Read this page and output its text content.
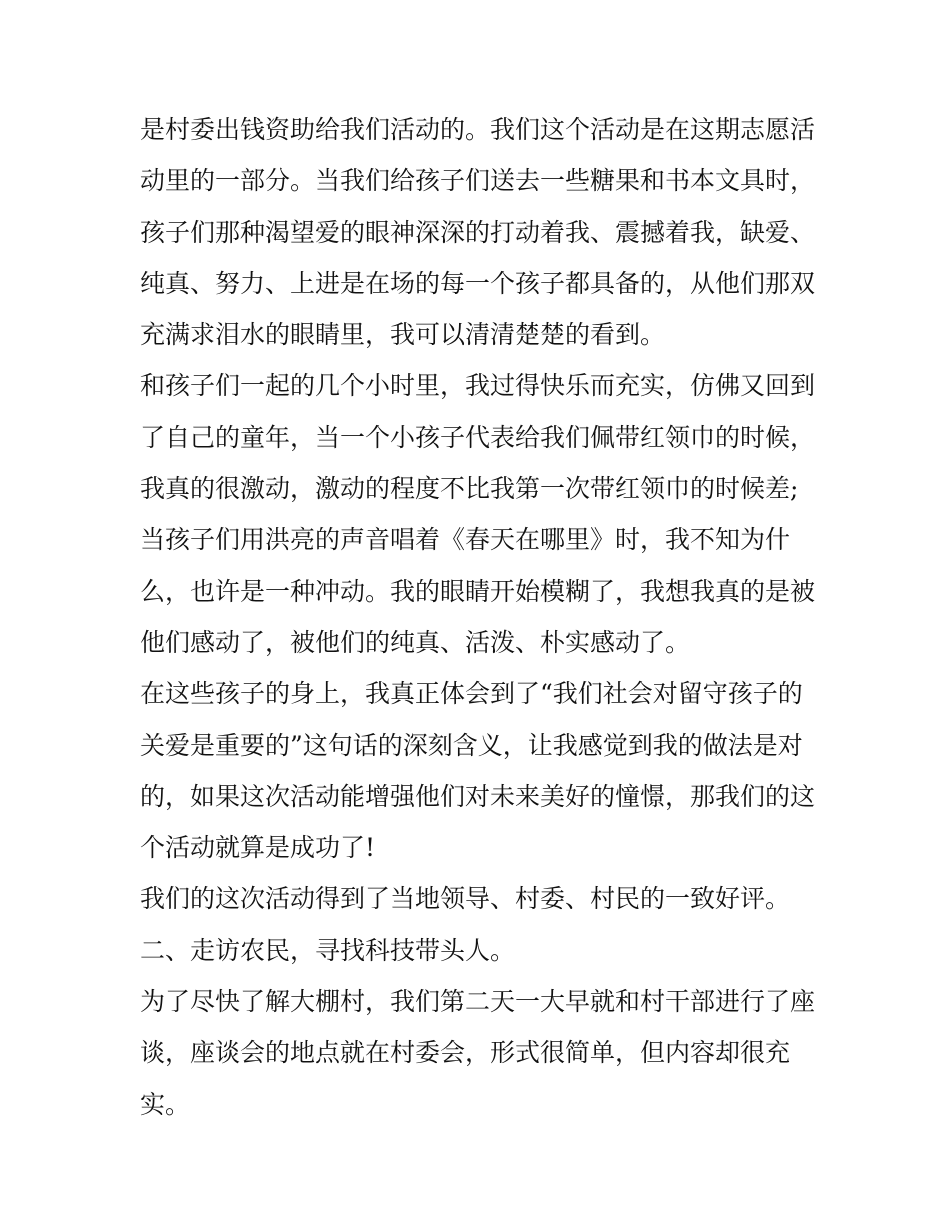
是村委出钱资助给我们活动的。我们这个活动是在这期志愿活
动里的一部分。当我们给孩子们送去一些糖果和书本文具时，
孩子们那种渴望爱的眼神深深的打动着我、震撼着我，缺爱、
纯真、努力、上进是在场的每一个孩子都具备的，从他们那双
充满求泪水的眼睛里，我可以清清楚楚的看到。
和孩子们一起的几个小时里，我过得快乐而充实，仿佛又回到
了自己的童年，当一个小孩子代表给我们佩带红领巾的时候，
我真的很激动，激动的程度不比我第一次带红领巾的时候差;
当孩子们用洪亮的声音唱着《春天在哪里》时，我不知为什
么，也许是一种冲动。我的眼睛开始模糊了，我想我真的是被
他们感动了，被他们的纯真、活泼、朴实感动了。
在这些孩子的身上，我真正体会到了“我们社会对留守孩子的
关爱是重要的”这句话的深刻含义，让我感觉到我的做法是对
的，如果这次活动能增强他们对未来美好的憧憬，那我们的这
个活动就算是成功了!
我们的这次活动得到了当地领导、村委、村民的一致好评。
二、走访农民，寻找科技带头人。
为了尽快了解大棚村，我们第二天一大早就和村干部进行了座
谈，座谈会的地点就在村委会，形式很简单，但内容却很充
实。
